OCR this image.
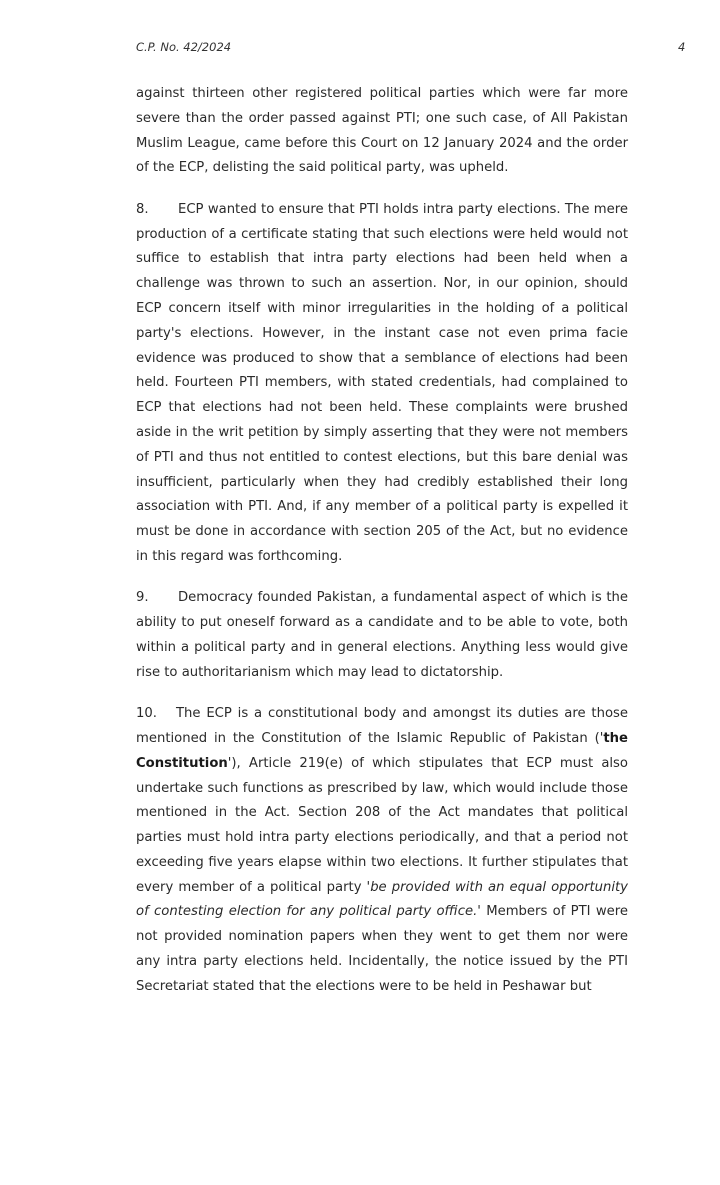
C.P. No. 42/2024	4

against thirteen other registered political parties which were far more severe than the order passed against PTI; one such case, of All Pakistan Muslim League, came before this Court on 12 January 2024 and the order of the ECP, delisting the said political party, was upheld.

8. ECP wanted to ensure that PTI holds intra party elections. The mere production of a certificate stating that such elections were held would not suffice to establish that intra party elections had been held when a challenge was thrown to such an assertion. Nor, in our opinion, should ECP concern itself with minor irregularities in the holding of a political party's elections. However, in the instant case not even prima facie evidence was produced to show that a semblance of elections had been held. Fourteen PTI members, with stated credentials, had complained to ECP that elections had not been held. These complaints were brushed aside in the writ petition by simply asserting that they were not members of PTI and thus not entitled to contest elections, but this bare denial was insufficient, particularly when they had credibly established their long association with PTI. And, if any member of a political party is expelled it must be done in accordance with section 205 of the Act, but no evidence in this regard was forthcoming.

9. Democracy founded Pakistan, a fundamental aspect of which is the ability to put oneself forward as a candidate and to be able to vote, both within a political party and in general elections. Anything less would give rise to authoritarianism which may lead to dictatorship.

10. The ECP is a constitutional body and amongst its duties are those mentioned in the Constitution of the Islamic Republic of Pakistan ('the Constitution'), Article 219(e) of which stipulates that ECP must also undertake such functions as prescribed by law, which would include those mentioned in the Act. Section 208 of the Act mandates that political parties must hold intra party elections periodically, and that a period not exceeding five years elapse within two elections. It further stipulates that every member of a political party 'be provided with an equal opportunity of contesting election for any political party office.' Members of PTI were not provided nomination papers when they went to get them nor were any intra party elections held. Incidentally, the notice issued by the PTI Secretariat stated that the elections were to be held in Peshawar but
